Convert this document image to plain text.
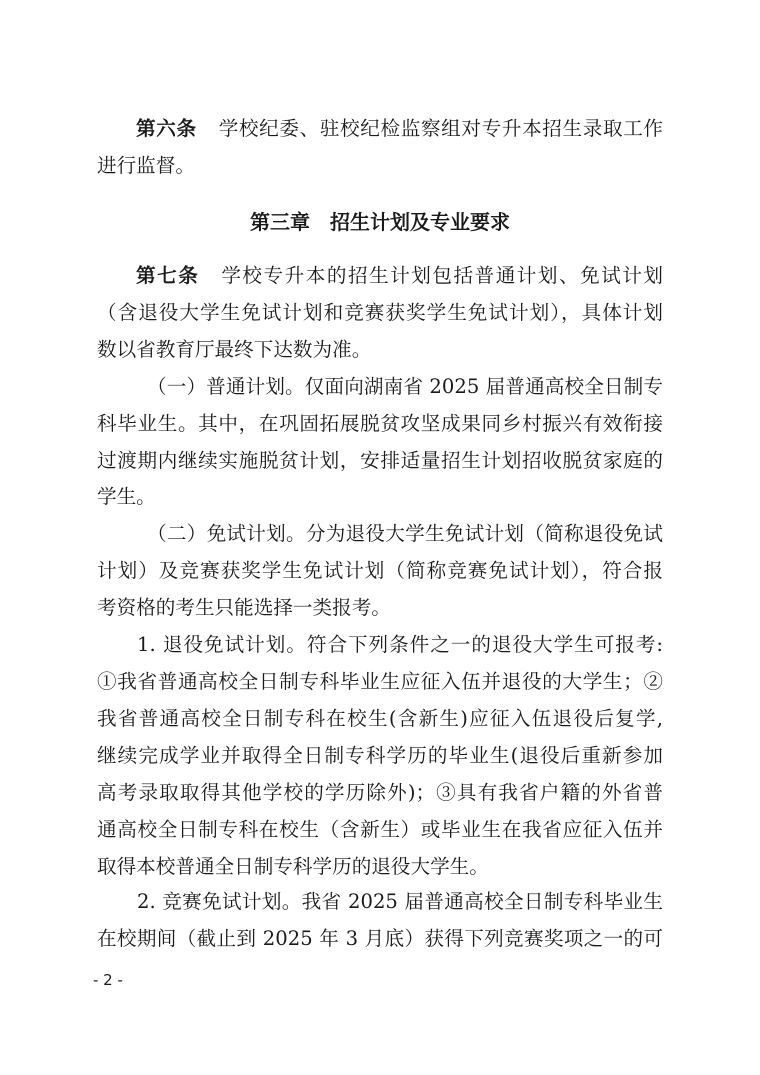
第六条 学校纪委、驻校纪检监察组对专升本招生录取工作
进行监督。
第三章　招生计划及专业要求
第七条 学校专升本的招生计划包括普通计划、免试计划
（含退役大学生免试计划和竞赛获奖学生免试计划），具体计划
数以省教育厅最终下达数为准。
（一）普通计划。仅面向湖南省 2025 届普通高校全日制专
科毕业生。其中，在巩固拓展脱贫攻坚成果同乡村振兴有效衔接
过渡期内继续实施脱贫计划，安排适量招生计划招收脱贫家庭的
学生。
（二）免试计划。分为退役大学生免试计划（简称退役免试
计划）及竞赛获奖学生免试计划（简称竞赛免试计划），符合报
考资格的考生只能选择一类报考。
1. 退役免试计划。符合下列条件之一的退役大学生可报考:
①我省普通高校全日制专科毕业生应征入伍并退役的大学生；②
我省普通高校全日制专科在校生(含新生)应征入伍退役后复学,
继续完成学业并取得全日制专科学历的毕业生(退役后重新参加
高考录取取得其他学校的学历除外)；③具有我省户籍的外省普
通高校全日制专科在校生（含新生）或毕业生在我省应征入伍并
取得本校普通全日制专科学历的退役大学生。
2. 竞赛免试计划。我省 2025 届普通高校全日制专科毕业生
在校期间（截止到 2025 年 3 月底）获得下列竞赛奖项之一的可
- 2 -
